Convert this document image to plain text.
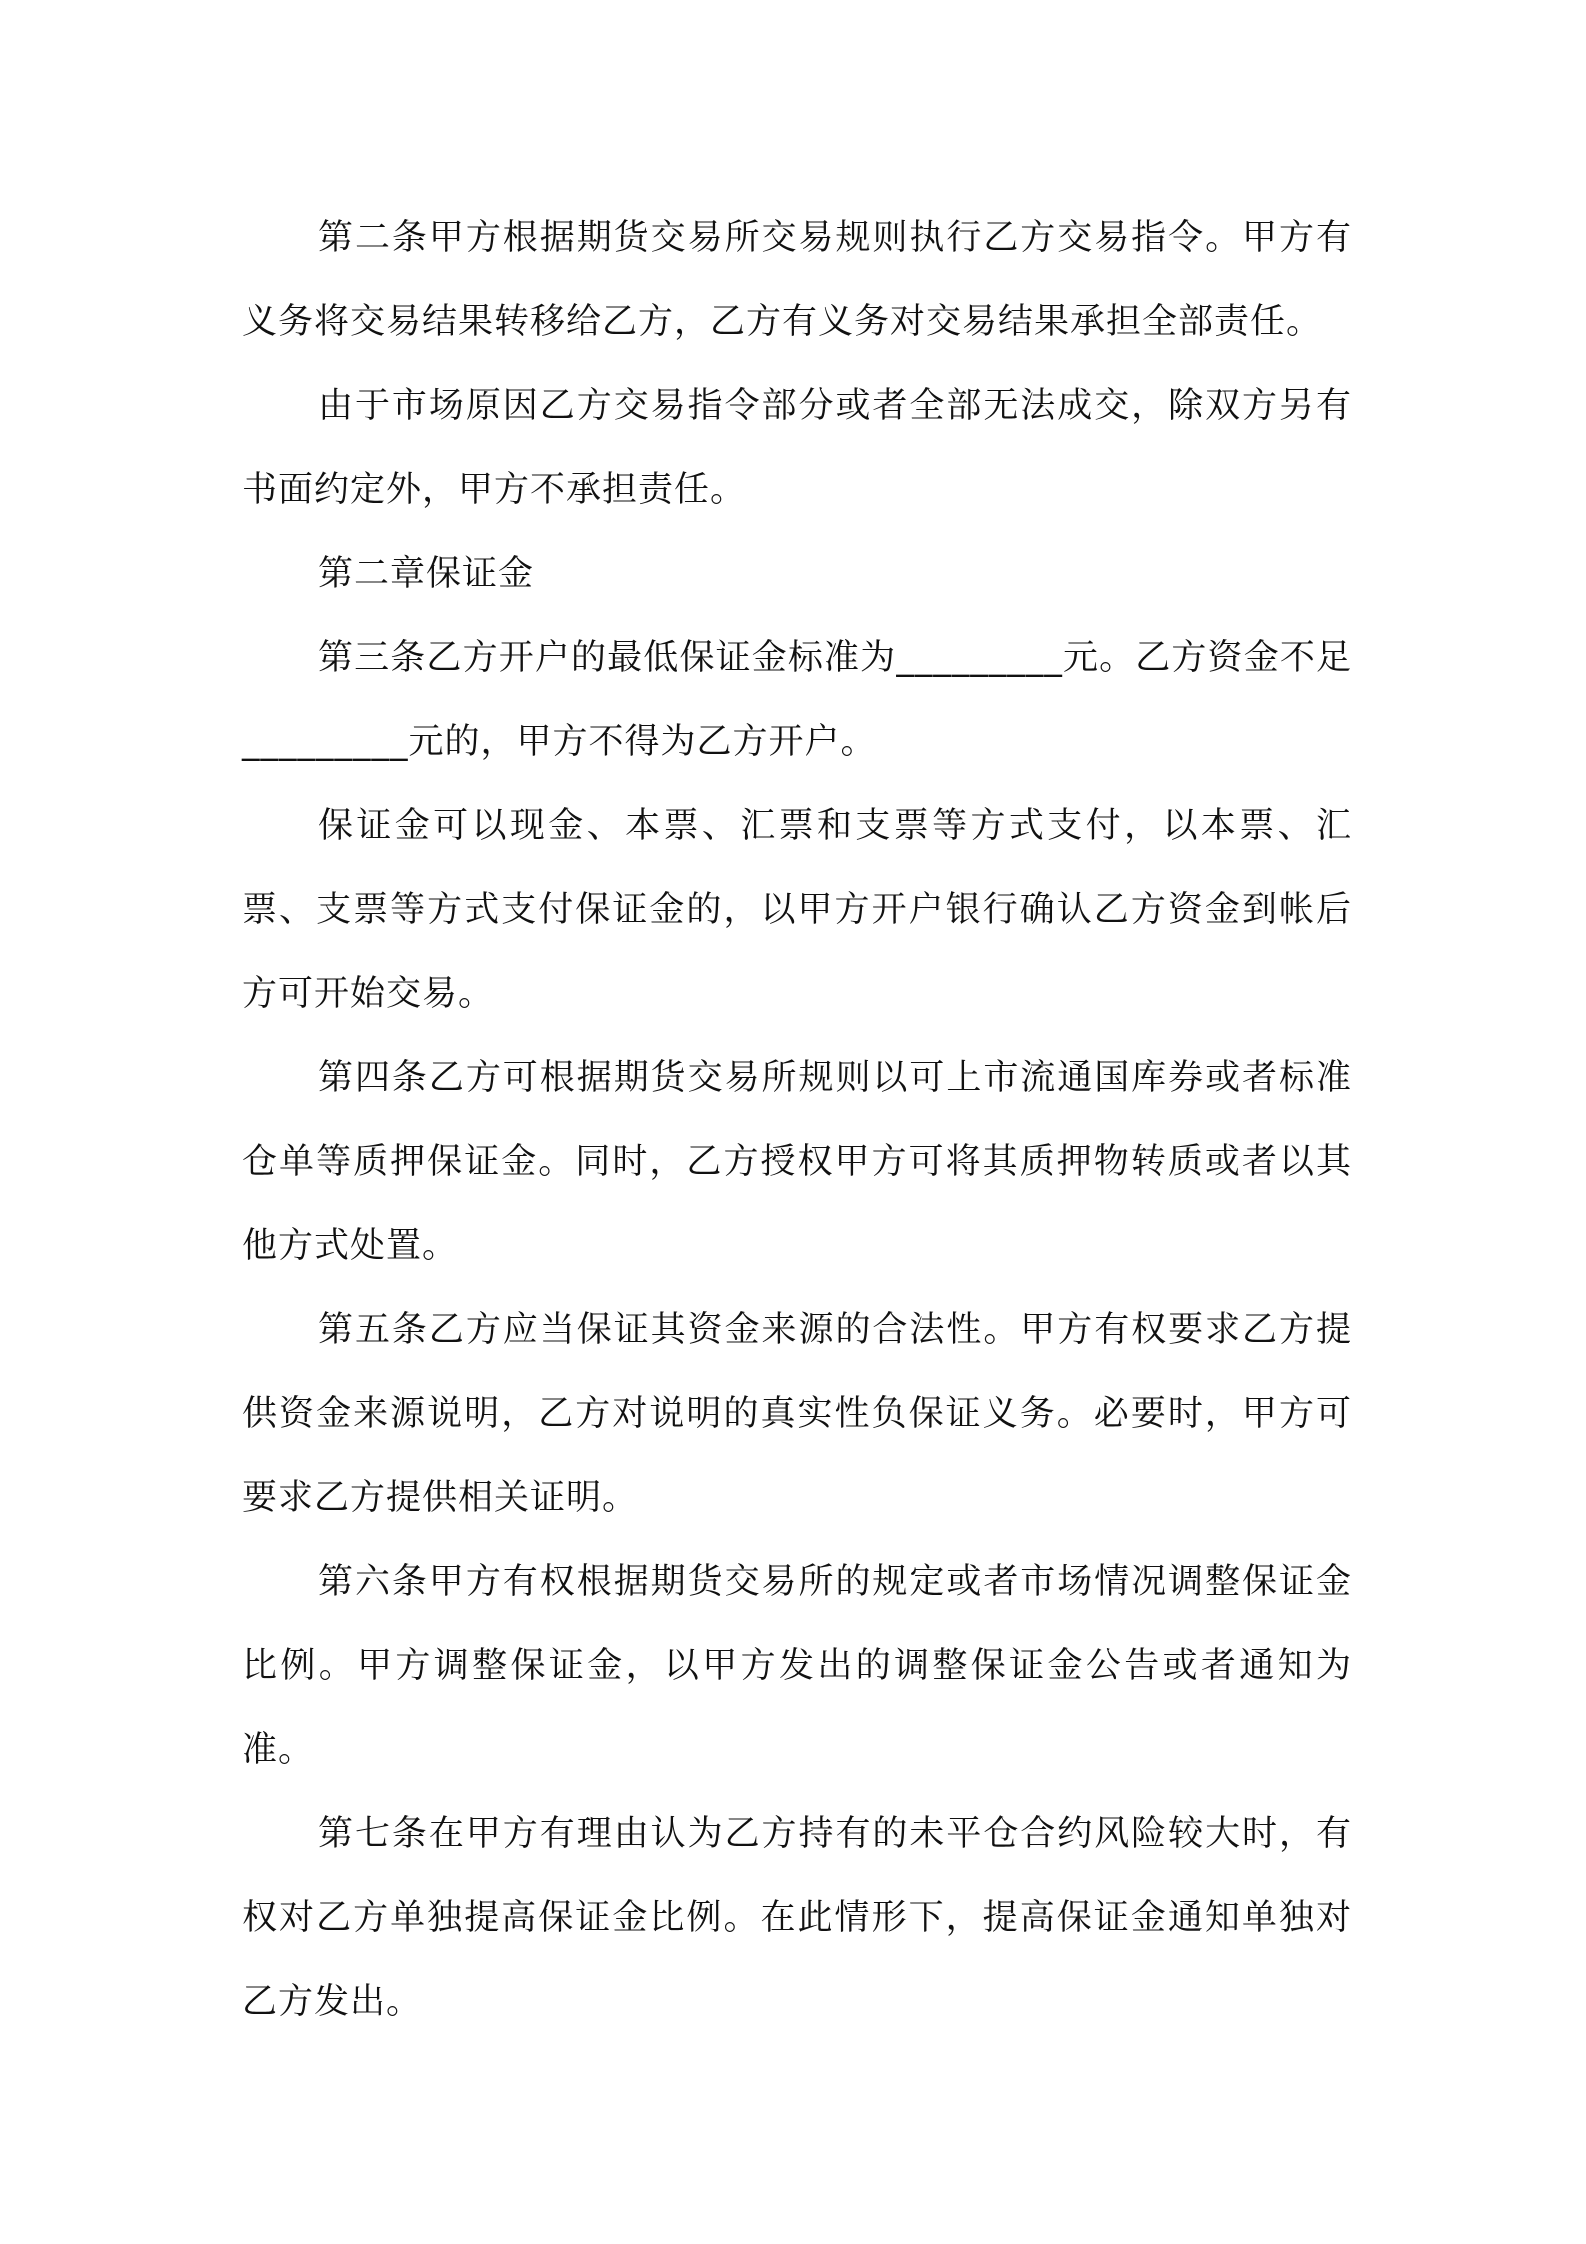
第二条甲方根据期货交易所交易规则执行乙方交易指令。甲方有义务将交易结果转移给乙方，乙方有义务对交易结果承担全部责任。

由于市场原因乙方交易指令部分或者全部无法成交，除双方另有书面约定外，甲方不承担责任。

第二章保证金

第三条乙方开户的最低保证金标准为_________元。乙方资金不足_________元的，甲方不得为乙方开户。

保证金可以现金、本票、汇票和支票等方式支付，以本票、汇票、支票等方式支付保证金的，以甲方开户银行确认乙方资金到帐后方可开始交易。

第四条乙方可根据期货交易所规则以可上市流通国库券或者标准仓单等质押保证金。同时，乙方授权甲方可将其质押物转质或者以其他方式处置。

第五条乙方应当保证其资金来源的合法性。甲方有权要求乙方提供资金来源说明，乙方对说明的真实性负保证义务。必要时，甲方可要求乙方提供相关证明。

第六条甲方有权根据期货交易所的规定或者市场情况调整保证金比例。甲方调整保证金，以甲方发出的调整保证金公告或者通知为准。

第七条在甲方有理由认为乙方持有的未平仓合约风险较大时，有权对乙方单独提高保证金比例。在此情形下，提高保证金通知单独对乙方发出。
